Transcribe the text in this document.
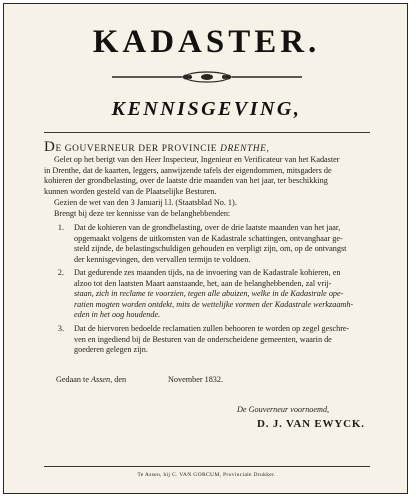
KADASTER.
KENNISGEVING,
DE GOUVERNEUR DER PROVINCIE DRENTHE,
Gelet op het berigt van den Heer Inspecteur, Ingenieur en Verificateur van het Kadaster
in Drenthe, dat de kaarten, leggers, aanwijzende tafels der eigendommen, mitsgaders de
kohieren der grondbelasting, over de laatste drie maanden van het jaar, ter beschikking
kunnen worden gesteld van de Plaatselijke Besturen.
Gezien de wet van den 3 Januarij l.l. (Staatsblad No. 1).
Brengt bij deze ter kennisse van de belanghebbenden:
1. Dat de kohieren van de grondbelasting, over de drie laatste maanden van het jaar,
opgemaakt volgens de uitkomsten van de Kadastrale schattingen, ontvanghaar ge-
steld zijnde, de belastingschuldigen gehouden en verpligt zijn, om, op de ontvangst
der kennisgevingen, den vervallen termijn te voldoen.
2. Dat gedurende zes maanden tijds, na de invoering van de Kadastrale kohieren, en
alzoo tot den laatsten Maart aanstaande, het, aan de belanghebbenden, zal vrij-
staan, zich in reclame te voorzien, tegen alle abuizen, welke in de Kadastrale ope-
ratien mogten worden ontdekt, mits de wettelijke vormen der Kadastrale werkzaamh-
eden in het oog houdende.
3. Dat de hiervoren bedoelde reclamatien zullen behooren te worden op zegel geschre-
ven en ingediend bij de Besturen van de onderscheidene gemeenten, waarin de
goederen gelegen zijn.
Gedaan te Assen, den	November 1832.
De Gouverneur voornoemd,
D. J. VAN EWYCK.
Te Assen, bij C. VAN GORCUM, Provinciale Drukker.
